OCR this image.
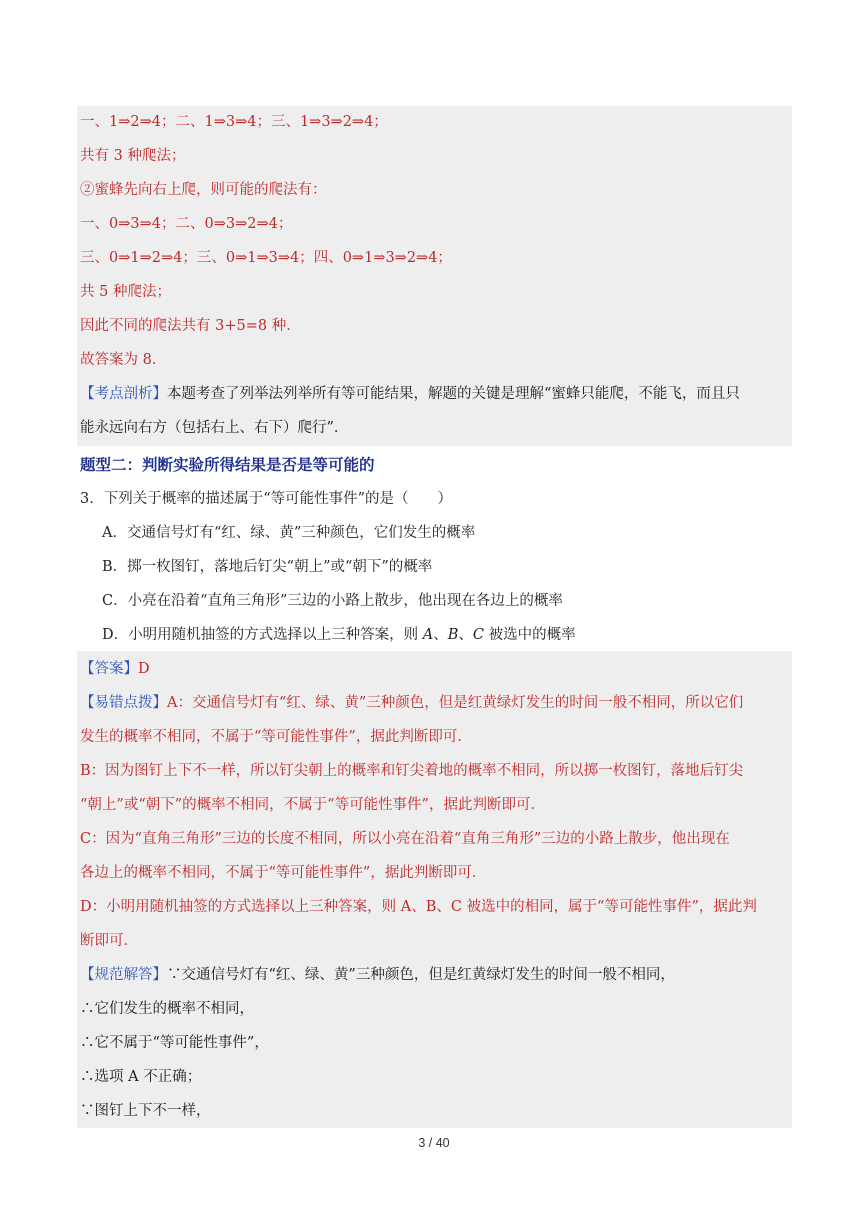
一、1⇒2⇒4；二、1⇒3⇒4；三、1⇒3⇒2⇒4；
共有 3 种爬法；
②蜜蜂先向右上爬，则可能的爬法有：
一、0⇒3⇒4；二、0⇒3⇒2⇒4；
三、0⇒1⇒2⇒4；三、0⇒1⇒3⇒4；四、0⇒1⇒3⇒2⇒4；
共 5 种爬法；
因此不同的爬法共有 3+5=8 种．
故答案为 8．
【考点剖析】本题考查了列举法列举所有等可能结果，解题的关键是理解“蜜蜂只能爬，不能飞，而且只
能永远向右方（包括右上、右下）爬行”．
题型二：判断实验所得结果是否是等可能的
3．下列关于概率的描述属于“等可能性事件”的是（　　）
A．交通信号灯有“红、绿、黄”三种颜色，它们发生的概率
B．掷一枚图钉，落地后钉尖“朝上”或“朝下”的概率
C．小亮在沿着“直角三角形”三边的小路上散步，他出现在各边上的概率
D．小明用随机抽签的方式选择以上三种答案，则 A、B、C 被选中的概率
【答案】D
【易错点拨】A：交通信号灯有“红、绿、黄”三种颜色，但是红黄绿灯发生的时间一般不相同，所以它们
发生的概率不相同，不属于“等可能性事件”，据此判断即可．
B：因为图钉上下不一样，所以钉尖朝上的概率和钉尖着地的概率不相同，所以掷一枚图钉，落地后钉尖
“朝上”或“朝下”的概率不相同，不属于“等可能性事件”，据此判断即可．
C：因为“直角三角形”三边的长度不相同，所以小亮在沿着“直角三角形”三边的小路上散步，他出现在
各边上的概率不相同，不属于“等可能性事件”，据此判断即可．
D：小明用随机抽签的方式选择以上三种答案，则 A、B、C 被选中的相同，属于“等可能性事件”，据此判
断即可．
【规范解答】∵交通信号灯有“红、绿、黄”三种颜色，但是红黄绿灯发生的时间一般不相同，
∴它们发生的概率不相同，
∴它不属于“等可能性事件”，
∴选项 A 不正确；
∵图钉上下不一样，
3 / 40
